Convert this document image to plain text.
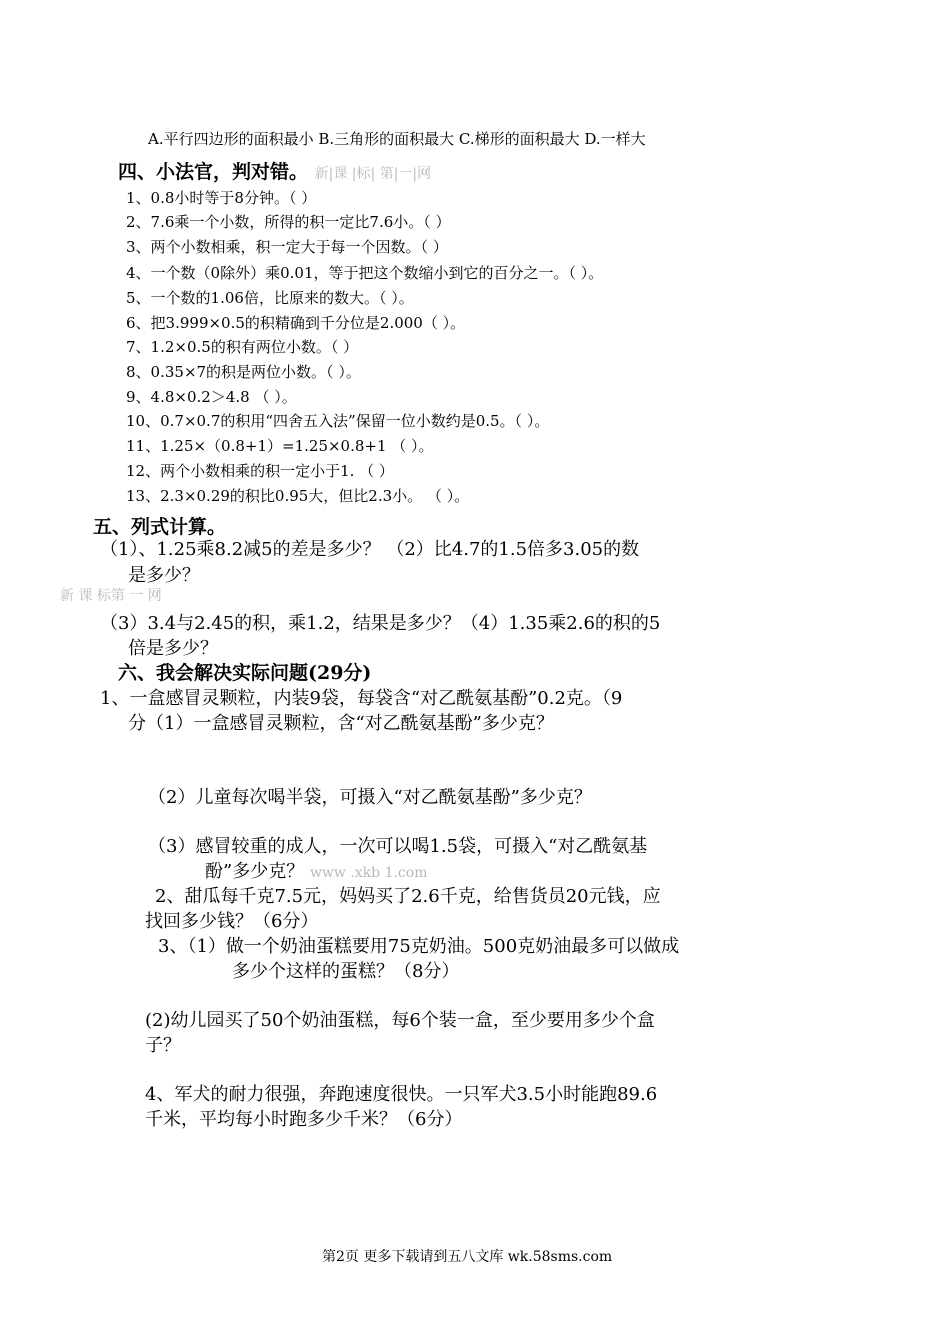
A.平行四边形的面积最小 B.三角形的面积最大 C.梯形的面积最大 D.一样大
四、小法官，判对错。 新|课 |标| 第|一|网
1、0.8小时等于8分钟。（ ）
2、7.6乘一个小数，所得的积一定比7.6小。（ ）
3、两个小数相乘，积一定大于每一个因数。（ ）
4、一个数（0除外）乘0.01，等于把这个数缩小到它的百分之一。（ ）。
5、一个数的1.06倍，比原来的数大。（ ）。
6、把3.999×0.5的积精确到千分位是2.000（ ）。
7、1.2×0.5的积有两位小数。（ ）
8、0.35×7的积是两位小数。（ ）。
9、4.8×0.2＞4.8 （ ）。
10、0.7×0.7的积用“四舍五入法”保留一位小数约是0.5。（ ）。
11、1.25×（0.8+1）=1.25×0.8+1 （ ）。
12、两个小数相乘的积一定小于1. （ ）
13、2.3×0.29的积比0.95大，但比2.3小。 （ ）。
五、列式计算。
（1）、1.25乘8.2减5的差是多少？ （2）比4.7的1.5倍多3.05的数
是多少？
新 课 标第 一 网
（3）3.4与2.45的积，乘1.2，结果是多少？（4）1.35乘2.6的积的5
倍是多少？
六、我会解决实际问题(29分)
1、一盒感冒灵颗粒，内装9袋，每袋含“对乙酰氨基酚”0.2克。（9
分（1）一盒感冒灵颗粒，含“对乙酰氨基酚”多少克？
（2）儿童每次喝半袋，可摄入“对乙酰氨基酚”多少克？
（3）感冒较重的成人，一次可以喝1.5袋，可摄入“对乙酰氨基
酚”多少克？ www .xkb 1.com
2、甜瓜每千克7.5元，妈妈买了2.6千克，给售货员20元钱，应
找回多少钱？（6分）
3、（1）做一个奶油蛋糕要用75克奶油。500克奶油最多可以做成
多少个这样的蛋糕？（8分）
(2)幼儿园买了50个奶油蛋糕，每6个装一盒，至少要用多少个盒
子？
4、军犬的耐力很强，奔跑速度很快。一只军犬3.5小时能跑89.6
千米，平均每小时跑多少千米？（6分）
第2页 更多下载请到五八文库 wk.58sms.com
